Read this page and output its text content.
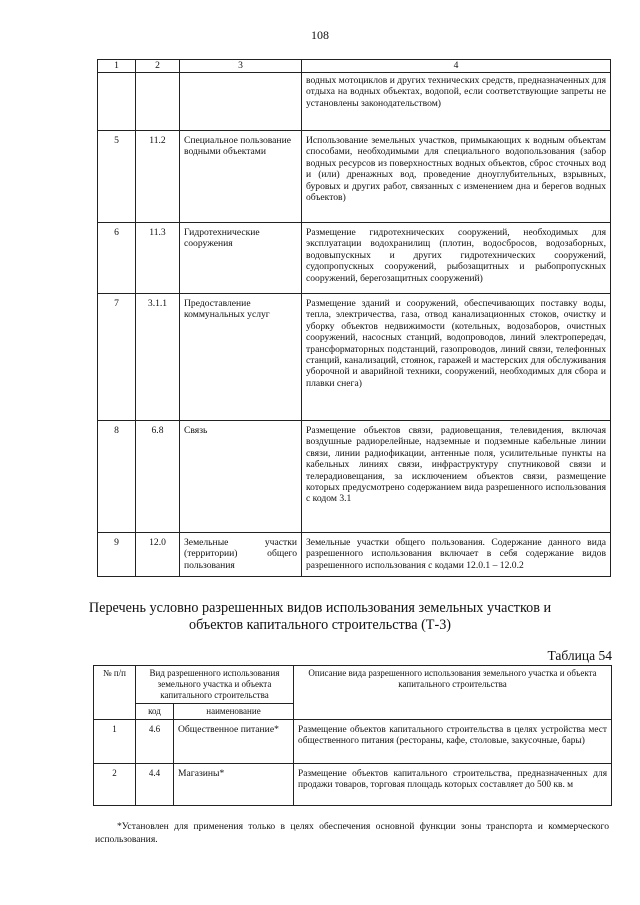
108
1	2	3	4
			водных мотоциклов и других технических средств, предназначенных для отдыха на водных объектах, водопой, если соответствующие запреты не установлены законодательством)
5	11.2	Специальное пользование водными объектами	Использование земельных участков, примыкающих к водным объектам способами, необходимыми для специального водопользования (забор водных ресурсов из поверхностных водных объектов, сброс сточных вод и (или) дренажных вод, проведение дноуглубительных, взрывных, буровых и других работ, связанных с изменением дна и берегов водных объектов)
6	11.3	Гидротехнические сооружения	Размещение гидротехнических сооружений, необходимых для эксплуатации водохранилищ (плотин, водосбросов, водозаборных, водовыпускных и других гидротехнических сооружений, судопропускных сооружений, рыбозащитных и рыбопропускных сооружений, берегозащитных сооружений)
7	3.1.1	Предоставление коммунальных услуг	Размещение зданий и сооружений, обеспечивающих поставку воды, тепла, электричества, газа, отвод канализационных стоков, очистку и уборку объектов недвижимости (котельных, водозаборов, очистных сооружений, насосных станций, водопроводов, линий электропередач, трансформаторных подстанций, газопроводов, линий связи, телефонных станций, канализаций, стоянок, гаражей и мастерских для обслуживания уборочной и аварийной техники, сооружений, необходимых для сбора и плавки снега)
8	6.8	Связь	Размещение объектов связи, радиовещания, телевидения, включая воздушные радиорелейные, надземные и подземные кабельные линии связи, линии радиофикации, антенные поля, усилительные пункты на кабельных линиях связи, инфраструктуру спутниковой связи и телерадиовещания, за исключением объектов связи, размещение которых предусмотрено содержанием вида разрешенного использования с кодом 3.1
9	12.0	Земельные участки (территории) общего пользования	Земельные участки общего пользования. Содержание данного вида разрешенного использования включает в себя содержание видов разрешенного использования с кодами 12.0.1 – 12.0.2
Перечень условно разрешенных видов использования земельных участков и объектов капитального строительства (Т-3)
Таблица 54
№ п/п	Вид разрешенного использования земельного участка и объекта капитального строительства		Описание вида разрешенного использования земельного участка и объекта капитального строительства
	код	наименование	
1	4.6	Общественное питание*	Размещение объектов капитального строительства в целях устройства мест общественного питания (рестораны, кафе, столовые, закусочные, бары)
2	4.4	Магазины*	Размещение объектов капитального строительства, предназначенных для продажи товаров, торговая площадь которых составляет до 500 кв. м
*Установлен для применения только в целях обеспечения основной функции зоны транспорта и коммерческого использования.
